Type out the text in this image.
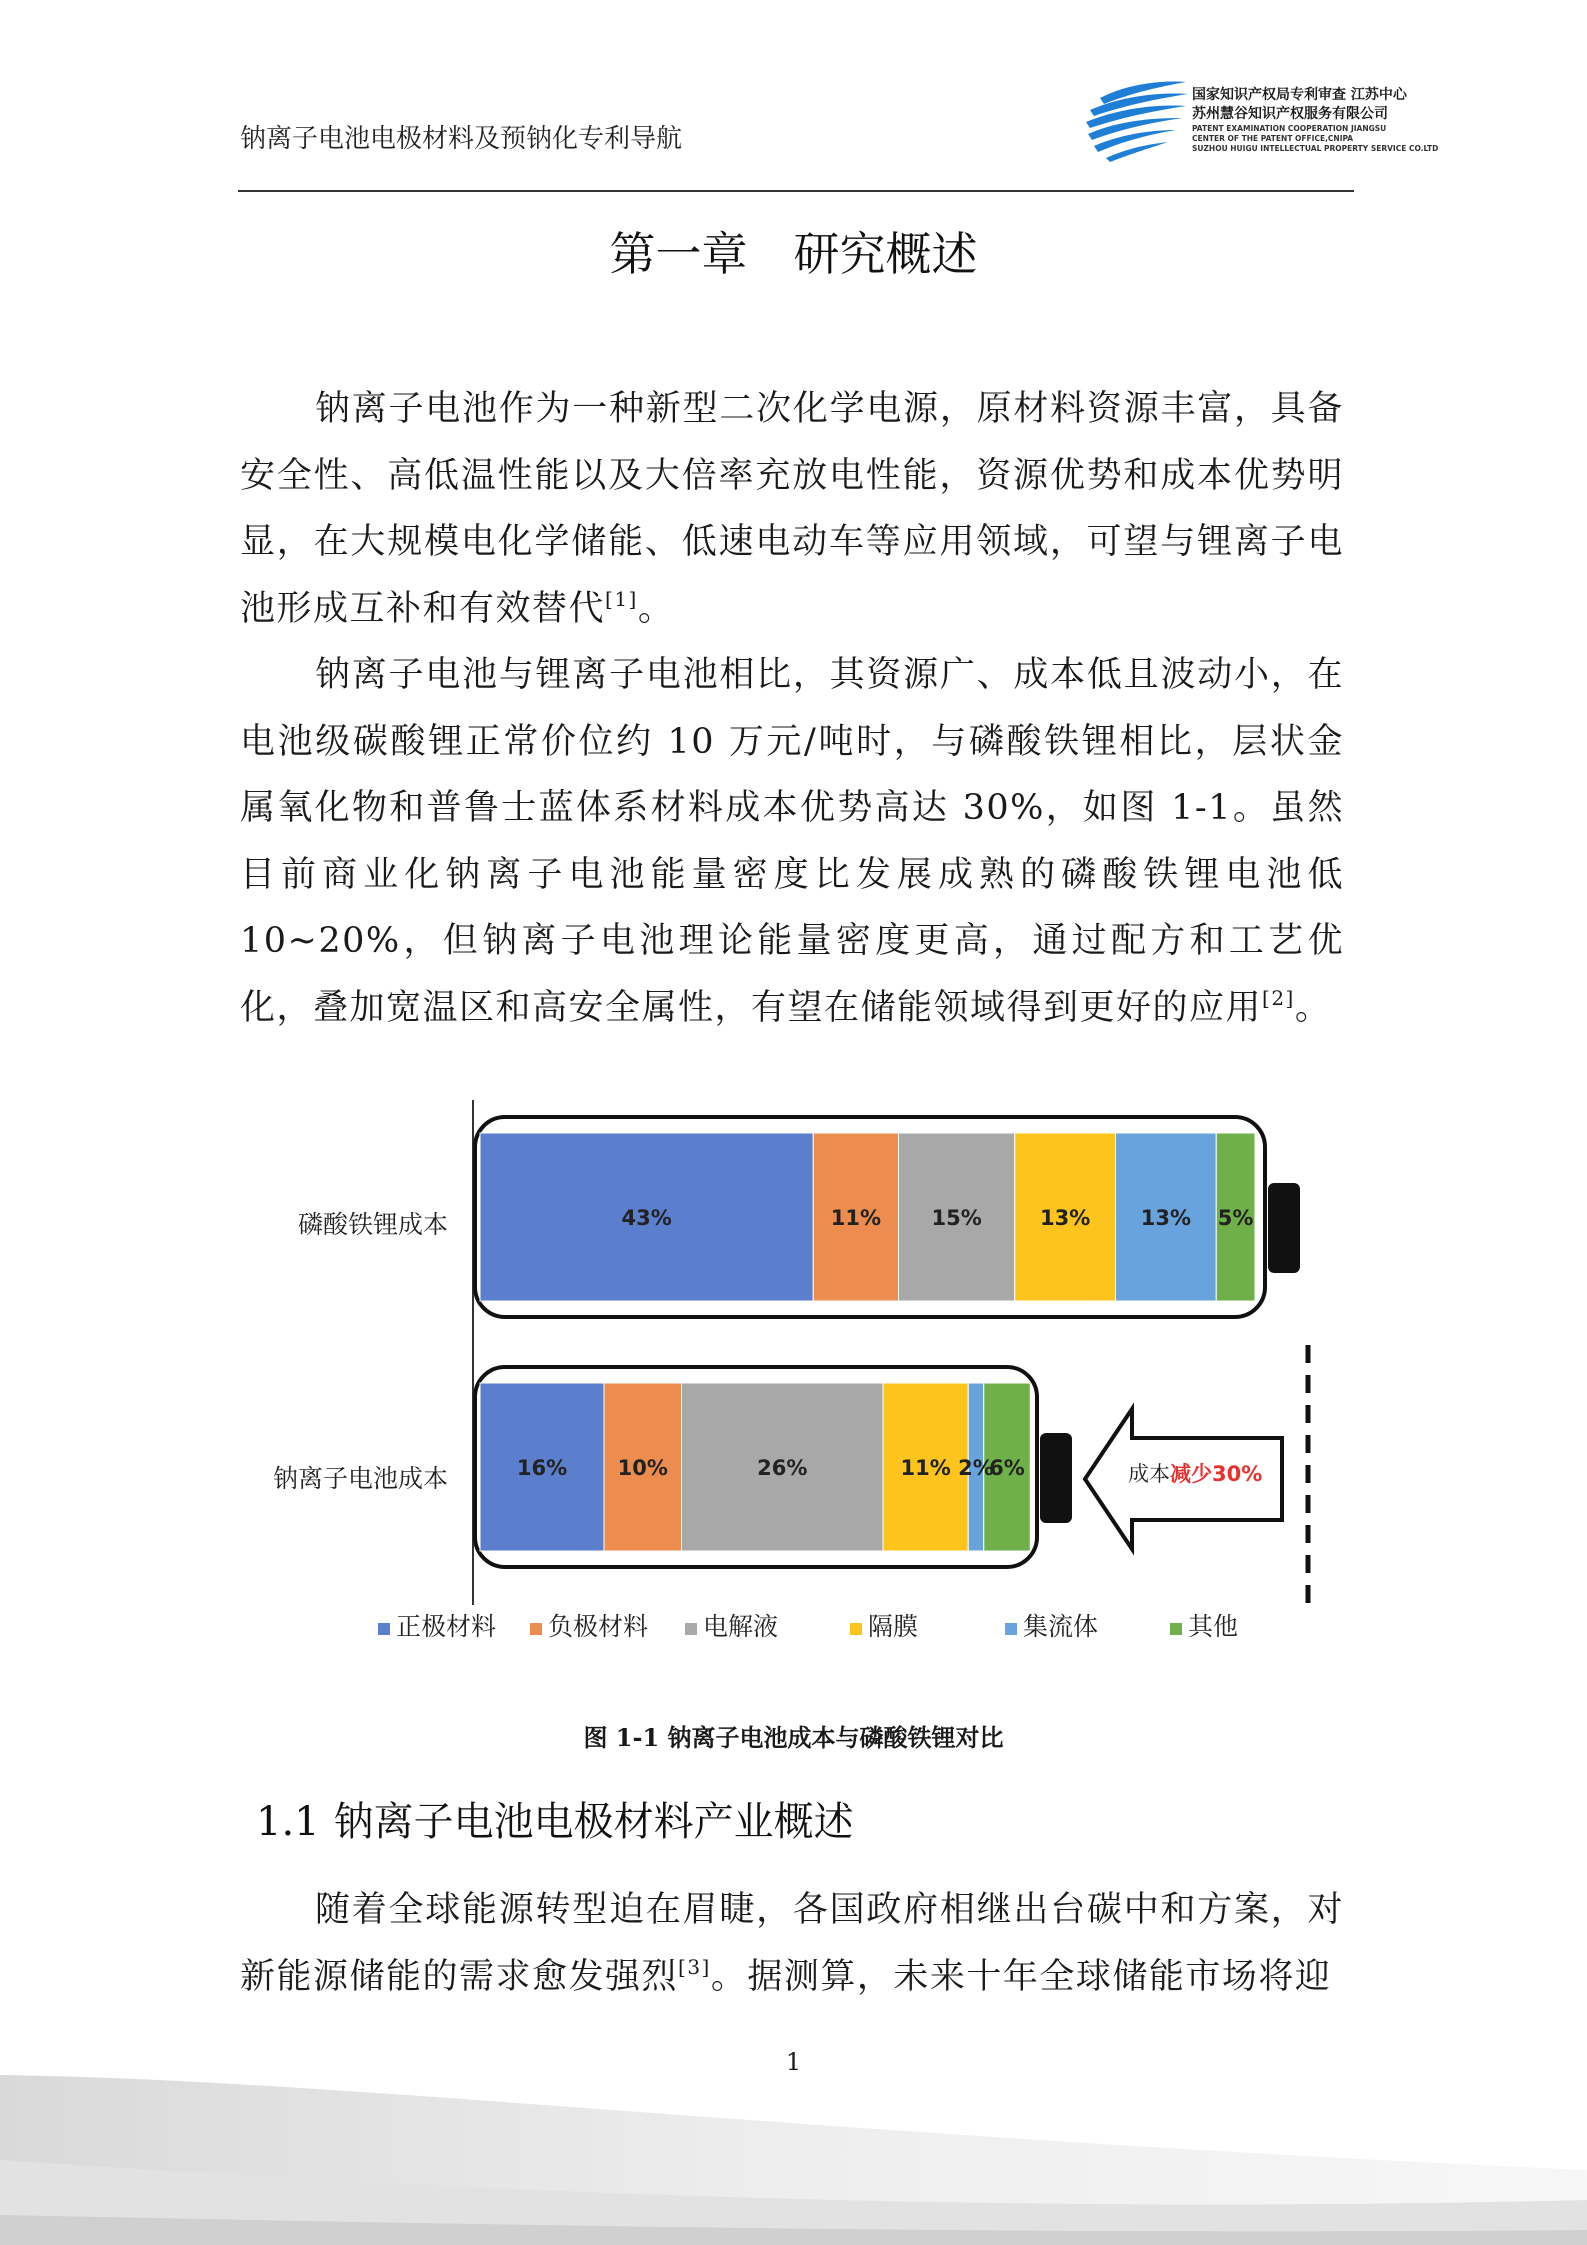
钠离子电池电极材料及预钠化专利导航
国家知识产权局专利审查 江苏中心
苏州慧谷知识产权服务有限公司
PATENT EXAMINATION COOPERATION JIANGSU
CENTER OF THE PATENT OFFICE,CNIPA
SUZHOU HUIGU INTELLECTUAL PROPERTY SERVICE CO.LTD
第一章　研究概述

钠离子电池作为一种新型二次化学电源，原材料资源丰富，具备安全性、高低温性能以及大倍率充放电性能，资源优势和成本优势明显，在大规模电化学储能、低速电动车等应用领域，可望与锂离子电池形成互补和有效替代[1]。

钠离子电池与锂离子电池相比，其资源广、成本低且波动小，在电池级碳酸锂正常价位约 10 万元/吨时，与磷酸铁锂相比，层状金属氧化物和普鲁士蓝体系材料成本优势高达 30%，如图 1-1。虽然目前商业化钠离子电池能量密度比发展成熟的磷酸铁锂电池低 10~20%，但钠离子电池理论能量密度更高，通过配方和工艺优化，叠加宽温区和高安全属性，有望在储能领域得到更好的应用[2]。

磷酸铁锂成本
钠离子电池成本
43%	11% 15%	13% 13% 5%
16% 10%	26%	11% 2%
6%	成本减少30%
正极材料 负极材料 电解液	隔膜	集流体	其他
图 1-1 钠离子电池成本与磷酸铁锂对比
1.1 钠离子电池电极材料产业概述

随着全球能源转型迫在眉睫，各国政府相继出台碳中和方案，对新能源储能的需求愈发强烈[3]。据测算，未来十年全球储能市场将迎

1
